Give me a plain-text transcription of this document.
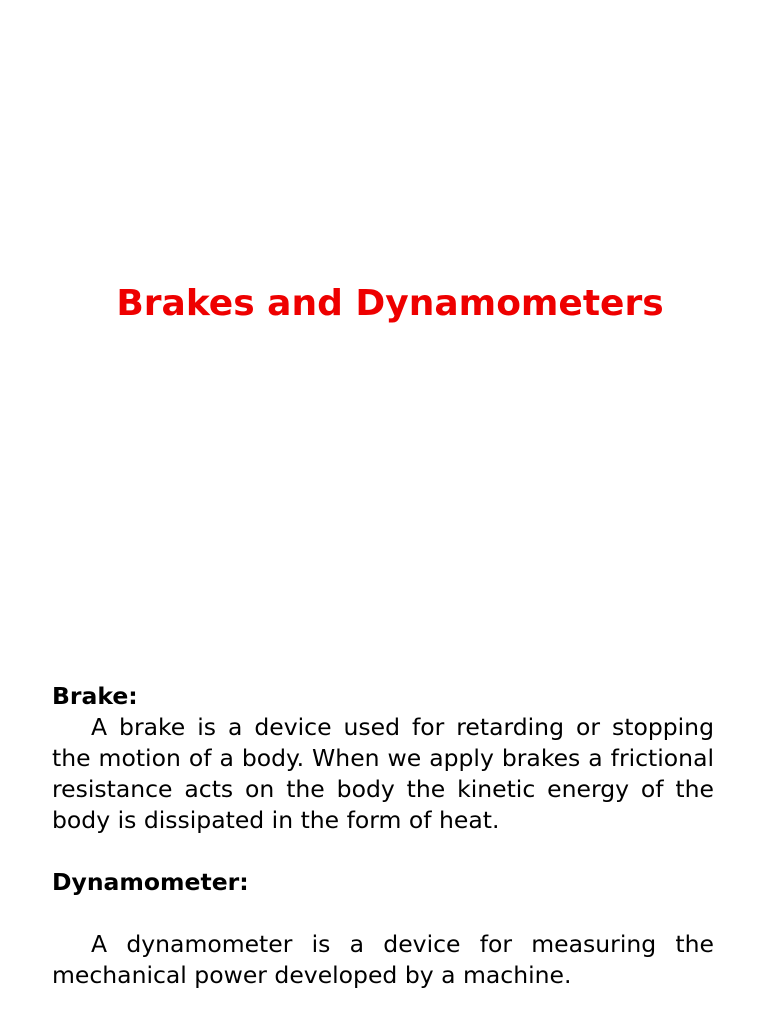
Brakes and Dynamometers

Brake:

A brake is a device used for retarding or stopping the motion of a body. When we apply brakes a frictional resistance acts on the body the kinetic energy of the body is dissipated in the form of heat.

Dynamometer:

A dynamometer is a device for measuring the mechanical power developed by a machine.
